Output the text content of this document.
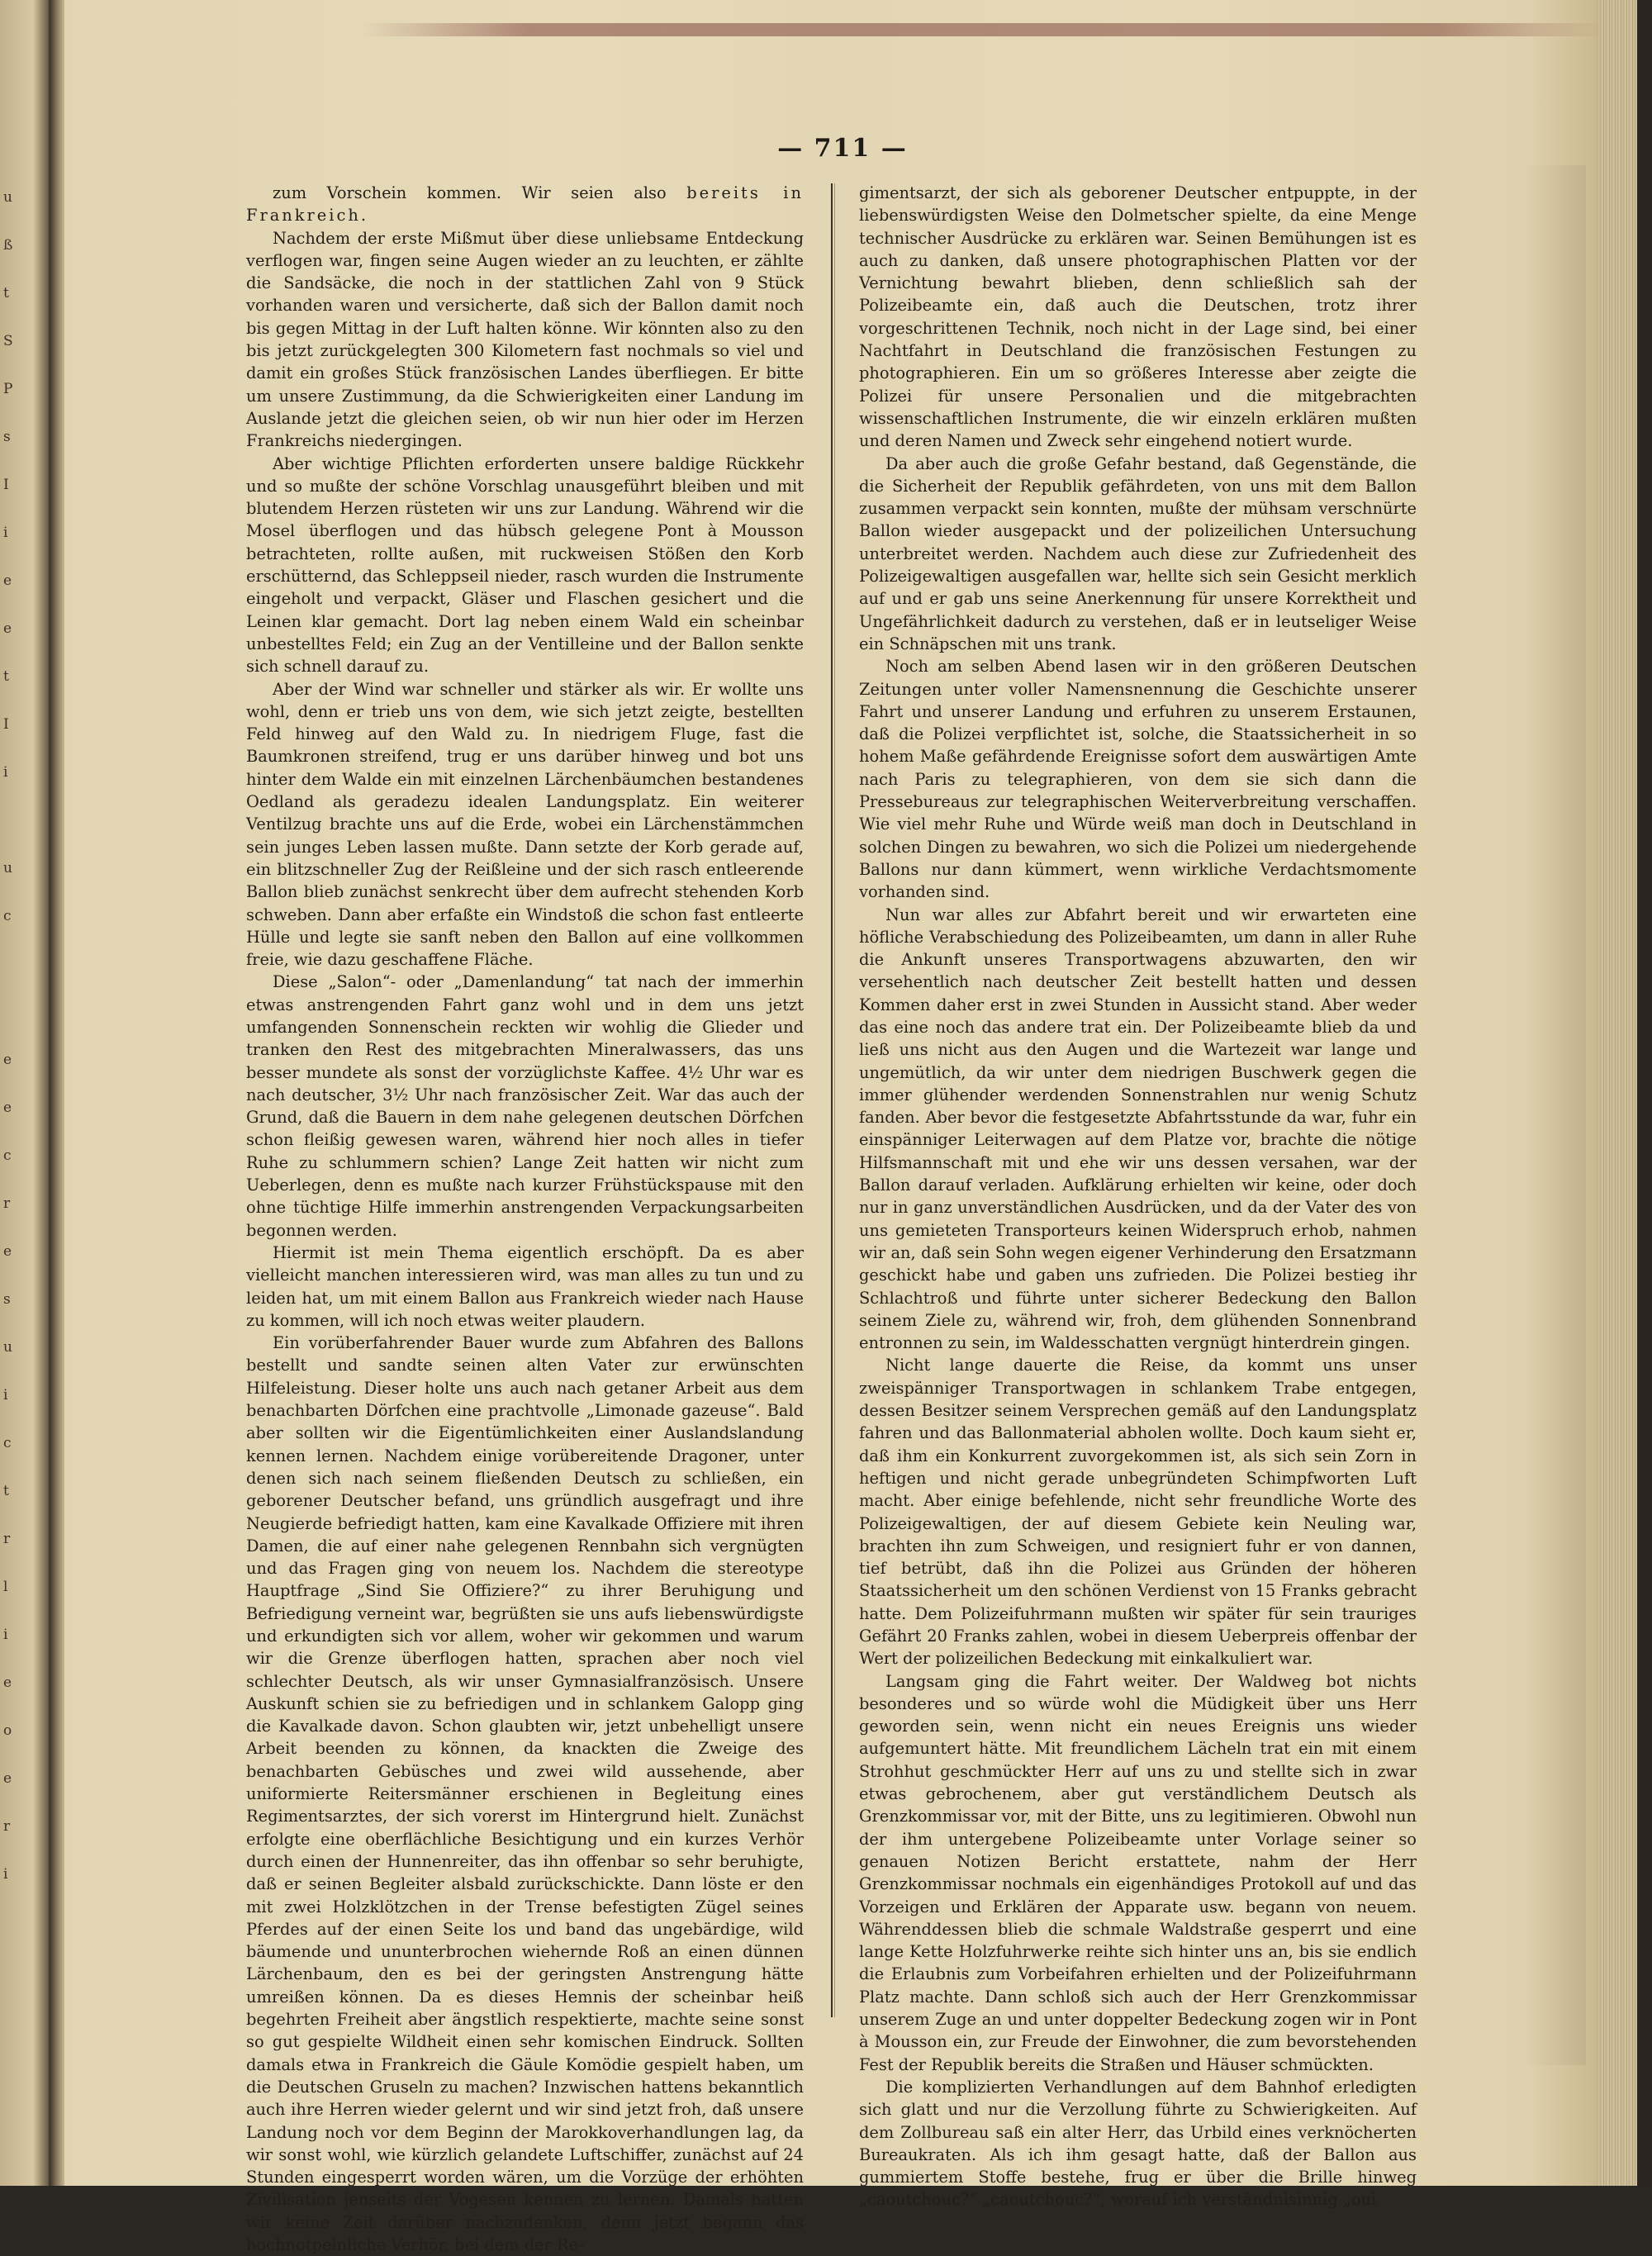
u
ß
t
S
P
s
I
i
e
e
t
I
i

u
c

e
e
c
r
e
s
u
i
c
t
r
l
i
e
o
e
r
i
— 711 —

zum Vorschein kommen. Wir seien also bereits in Frankreich.

Nachdem der erste Mißmut über diese unliebsame Entdeckung verflogen war, fingen seine Augen wieder an zu leuchten, er zählte die Sandsäcke, die noch in der stattlichen Zahl von 9 Stück vorhanden waren und versicherte, daß sich der Ballon damit noch bis gegen Mittag in der Luft halten könne. Wir könnten also zu den bis jetzt zurückgelegten 300 Kilometern fast nochmals so viel und damit ein großes Stück französischen Landes überfliegen. Er bitte um unsere Zustimmung, da die Schwierigkeiten einer Landung im Auslande jetzt die gleichen seien, ob wir nun hier oder im Herzen Frankreichs niedergingen.

Aber wichtige Pflichten erforderten unsere baldige Rückkehr und so mußte der schöne Vorschlag unausgeführt bleiben und mit blutendem Herzen rüsteten wir uns zur Landung. Während wir die Mosel überflogen und das hübsch gelegene Pont à Mousson betrachteten, rollte außen, mit ruckweisen Stößen den Korb erschütternd, das Schleppseil nieder, rasch wurden die Instrumente eingeholt und verpackt, Gläser und Flaschen gesichert und die Leinen klar gemacht. Dort lag neben einem Wald ein scheinbar unbestelltes Feld; ein Zug an der Ventilleine und der Ballon senkte sich schnell darauf zu.

Aber der Wind war schneller und stärker als wir. Er wollte uns wohl, denn er trieb uns von dem, wie sich jetzt zeigte, bestellten Feld hinweg auf den Wald zu. In niedrigem Fluge, fast die Baumkronen streifend, trug er uns darüber hinweg und bot uns hinter dem Walde ein mit einzelnen Lärchenbäumchen bestandenes Oedland als geradezu idealen Landungsplatz. Ein weiterer Ventilzug brachte uns auf die Erde, wobei ein Lärchenstämmchen sein junges Leben lassen mußte. Dann setzte der Korb gerade auf, ein blitzschneller Zug der Reißleine und der sich rasch entleerende Ballon blieb zunächst senkrecht über dem aufrecht stehenden Korb schweben. Dann aber erfaßte ein Windstoß die schon fast entleerte Hülle und legte sie sanft neben den Ballon auf eine vollkommen freie, wie dazu geschaffene Fläche.

Diese „Salon“- oder „Damenlandung“ tat nach der immerhin etwas anstrengenden Fahrt ganz wohl und in dem uns jetzt umfangenden Sonnenschein reckten wir wohlig die Glieder und tranken den Rest des mitgebrachten Mineralwassers, das uns besser mundete als sonst der vorzüglichste Kaffee. 4½ Uhr war es nach deutscher, 3½ Uhr nach französischer Zeit. War das auch der Grund, daß die Bauern in dem nahe gelegenen deutschen Dörfchen schon fleißig gewesen waren, während hier noch alles in tiefer Ruhe zu schlummern schien? Lange Zeit hatten wir nicht zum Ueberlegen, denn es mußte nach kurzer Frühstückspause mit den ohne tüchtige Hilfe immerhin anstrengenden Verpackungsarbeiten begonnen werden.

Hiermit ist mein Thema eigentlich erschöpft. Da es aber vielleicht manchen interessieren wird, was man alles zu tun und zu leiden hat, um mit einem Ballon aus Frankreich wieder nach Hause zu kommen, will ich noch etwas weiter plaudern.

Ein vorüberfahrender Bauer wurde zum Abfahren des Ballons bestellt und sandte seinen alten Vater zur erwünschten Hilfeleistung. Dieser holte uns auch nach getaner Arbeit aus dem benachbarten Dörfchen eine prachtvolle „Limonade gazeuse“. Bald aber sollten wir die Eigentümlichkeiten einer Auslandslandung kennen lernen. Nachdem einige vorübereitende Dragoner, unter denen sich nach seinem fließenden Deutsch zu schließen, ein geborener Deutscher befand, uns gründlich ausgefragt und ihre Neugierde befriedigt hatten, kam eine Kavalkade Offiziere mit ihren Damen, die auf einer nahe gelegenen Rennbahn sich vergnügten und das Fragen ging von neuem los. Nachdem die stereotype Hauptfrage „Sind Sie Offiziere?“ zu ihrer Beruhigung und Befriedigung verneint war, begrüßten sie uns aufs liebenswürdigste und erkundigten sich vor allem, woher wir gekommen und warum wir die Grenze überflogen hatten, sprachen aber noch viel schlechter Deutsch, als wir unser Gymnasialfranzösisch. Unsere Auskunft schien sie zu befriedigen und in schlankem Galopp ging die Kavalkade davon. Schon glaubten wir, jetzt unbehelligt unsere Arbeit beenden zu können, da knackten die Zweige des benachbarten Gebüsches und zwei wild aussehende, aber uniformierte Reitersmänner erschienen in Begleitung eines Regimentsarztes, der sich vorerst im Hintergrund hielt. Zunächst erfolgte eine oberflächliche Besichtigung und ein kurzes Verhör durch einen der Hunnenreiter, das ihn offenbar so sehr beruhigte, daß er seinen Begleiter alsbald zurückschickte. Dann löste er den mit zwei Holzklötzchen in der Trense befestigten Zügel seines Pferdes auf der einen Seite los und band das ungebärdige, wild bäumende und ununterbrochen wiehernde Roß an einen dünnen Lärchenbaum, den es bei der geringsten Anstrengung hätte umreißen können. Da es dieses Hemnis der scheinbar heiß begehrten Freiheit aber ängstlich respektierte, machte seine sonst so gut gespielte Wildheit einen sehr komischen Eindruck. Sollten damals etwa in Frankreich die Gäule Komödie gespielt haben, um die Deutschen Gruseln zu machen? Inzwischen hattens bekanntlich auch ihre Herren wieder gelernt und wir sind jetzt froh, daß unsere Landung noch vor dem Beginn der Marokkoverhandlungen lag, da wir sonst wohl, wie kürzlich gelandete Luftschiffer, zunächst auf 24 Stunden eingesperrt worden wären, um die Vorzüge der erhöhten Zivilisation jenseits der Vogesen kennen zu lernen. Damals hatten wir keine Zeit darüber nachzudenken, denn jetzt begann das hochnotpeinliche Verhör, bei dem der Re-

gimentsarzt, der sich als geborener Deutscher entpuppte, in der liebenswürdigsten Weise den Dolmetscher spielte, da eine Menge technischer Ausdrücke zu erklären war. Seinen Bemühungen ist es auch zu danken, daß unsere photographischen Platten vor der Vernichtung bewahrt blieben, denn schließlich sah der Polizeibeamte ein, daß auch die Deutschen, trotz ihrer vorgeschrittenen Technik, noch nicht in der Lage sind, bei einer Nachtfahrt in Deutschland die französischen Festungen zu photographieren. Ein um so größeres Interesse aber zeigte die Polizei für unsere Personalien und die mitgebrachten wissenschaftlichen Instrumente, die wir einzeln erklären mußten und deren Namen und Zweck sehr eingehend notiert wurde.

Da aber auch die große Gefahr bestand, daß Gegenstände, die die Sicherheit der Republik gefährdeten, von uns mit dem Ballon zusammen verpackt sein konnten, mußte der mühsam verschnürte Ballon wieder ausgepackt und der polizeilichen Untersuchung unterbreitet werden. Nachdem auch diese zur Zufriedenheit des Polizeigewaltigen ausgefallen war, hellte sich sein Gesicht merklich auf und er gab uns seine Anerkennung für unsere Korrektheit und Ungefährlichkeit dadurch zu verstehen, daß er in leutseliger Weise ein Schnäpschen mit uns trank.

Noch am selben Abend lasen wir in den größeren Deutschen Zeitungen unter voller Namensnennung die Geschichte unserer Fahrt und unserer Landung und erfuhren zu unserem Erstaunen, daß die Polizei verpflichtet ist, solche, die Staatssicherheit in so hohem Maße gefährdende Ereignisse sofort dem auswärtigen Amte nach Paris zu telegraphieren, von dem sie sich dann die Pressebureaus zur telegraphischen Weiterverbreitung verschaffen. Wie viel mehr Ruhe und Würde weiß man doch in Deutschland in solchen Dingen zu bewahren, wo sich die Polizei um niedergehende Ballons nur dann kümmert, wenn wirkliche Verdachtsmomente vorhanden sind.

Nun war alles zur Abfahrt bereit und wir erwarteten eine höfliche Verabschiedung des Polizeibeamten, um dann in aller Ruhe die Ankunft unseres Transportwagens abzuwarten, den wir versehentlich nach deutscher Zeit bestellt hatten und dessen Kommen daher erst in zwei Stunden in Aussicht stand. Aber weder das eine noch das andere trat ein. Der Polizeibeamte blieb da und ließ uns nicht aus den Augen und die Wartezeit war lange und ungemütlich, da wir unter dem niedrigen Buschwerk gegen die immer glühender werdenden Sonnenstrahlen nur wenig Schutz fanden. Aber bevor die festgesetzte Abfahrtsstunde da war, fuhr ein einspänniger Leiterwagen auf dem Platze vor, brachte die nötige Hilfsmannschaft mit und ehe wir uns dessen versahen, war der Ballon darauf verladen. Aufklärung erhielten wir keine, oder doch nur in ganz unverständlichen Ausdrücken, und da der Vater des von uns gemieteten Transporteurs keinen Widerspruch erhob, nahmen wir an, daß sein Sohn wegen eigener Verhinderung den Ersatzmann geschickt habe und gaben uns zufrieden. Die Polizei bestieg ihr Schlachtroß und führte unter sicherer Bedeckung den Ballon seinem Ziele zu, während wir, froh, dem glühenden Sonnenbrand entronnen zu sein, im Waldesschatten vergnügt hinterdrein gingen.

Nicht lange dauerte die Reise, da kommt uns unser zweispänniger Transportwagen in schlankem Trabe entgegen, dessen Besitzer seinem Versprechen gemäß auf den Landungsplatz fahren und das Ballonmaterial abholen wollte. Doch kaum sieht er, daß ihm ein Konkurrent zuvorgekommen ist, als sich sein Zorn in heftigen und nicht gerade unbegründeten Schimpfworten Luft macht. Aber einige befehlende, nicht sehr freundliche Worte des Polizeigewaltigen, der auf diesem Gebiete kein Neuling war, brachten ihn zum Schweigen, und resigniert fuhr er von dannen, tief betrübt, daß ihn die Polizei aus Gründen der höheren Staatssicherheit um den schönen Verdienst von 15 Franks gebracht hatte. Dem Polizeifuhrmann mußten wir später für sein trauriges Gefährt 20 Franks zahlen, wobei in diesem Ueberpreis offenbar der Wert der polizeilichen Bedeckung mit einkalkuliert war.

Langsam ging die Fahrt weiter. Der Waldweg bot nichts besonderes und so würde wohl die Müdigkeit über uns Herr geworden sein, wenn nicht ein neues Ereignis uns wieder aufgemuntert hätte. Mit freundlichem Lächeln trat ein mit einem Strohhut geschmückter Herr auf uns zu und stellte sich in zwar etwas gebrochenem, aber gut verständlichem Deutsch als Grenzkommissar vor, mit der Bitte, uns zu legitimieren. Obwohl nun der ihm untergebene Polizeibeamte unter Vorlage seiner so genauen Notizen Bericht erstattete, nahm der Herr Grenzkommissar nochmals ein eigenhändiges Protokoll auf und das Vorzeigen und Erklären der Apparate usw. begann von neuem. Währenddessen blieb die schmale Waldstraße gesperrt und eine lange Kette Holzfuhrwerke reihte sich hinter uns an, bis sie endlich die Erlaubnis zum Vorbeifahren erhielten und der Polizeifuhrmann Platz machte. Dann schloß sich auch der Herr Grenzkommissar unserem Zuge an und unter doppelter Bedeckung zogen wir in Pont à Mousson ein, zur Freude der Einwohner, die zum bevorstehenden Fest der Republik bereits die Straßen und Häuser schmückten.

Die komplizierten Verhandlungen auf dem Bahnhof erledigten sich glatt und nur die Verzollung führte zu Schwierigkeiten. Auf dem Zollbureau saß ein alter Herr, das Urbild eines verknöcherten Bureaukraten. Als ich ihm gesagt hatte, daß der Ballon aus gummiertem Stoffe bestehe, frug er über die Brille hinweg „caoutchouc?“ „caoutchouc?“, worauf ich verständnisinnig „oui
